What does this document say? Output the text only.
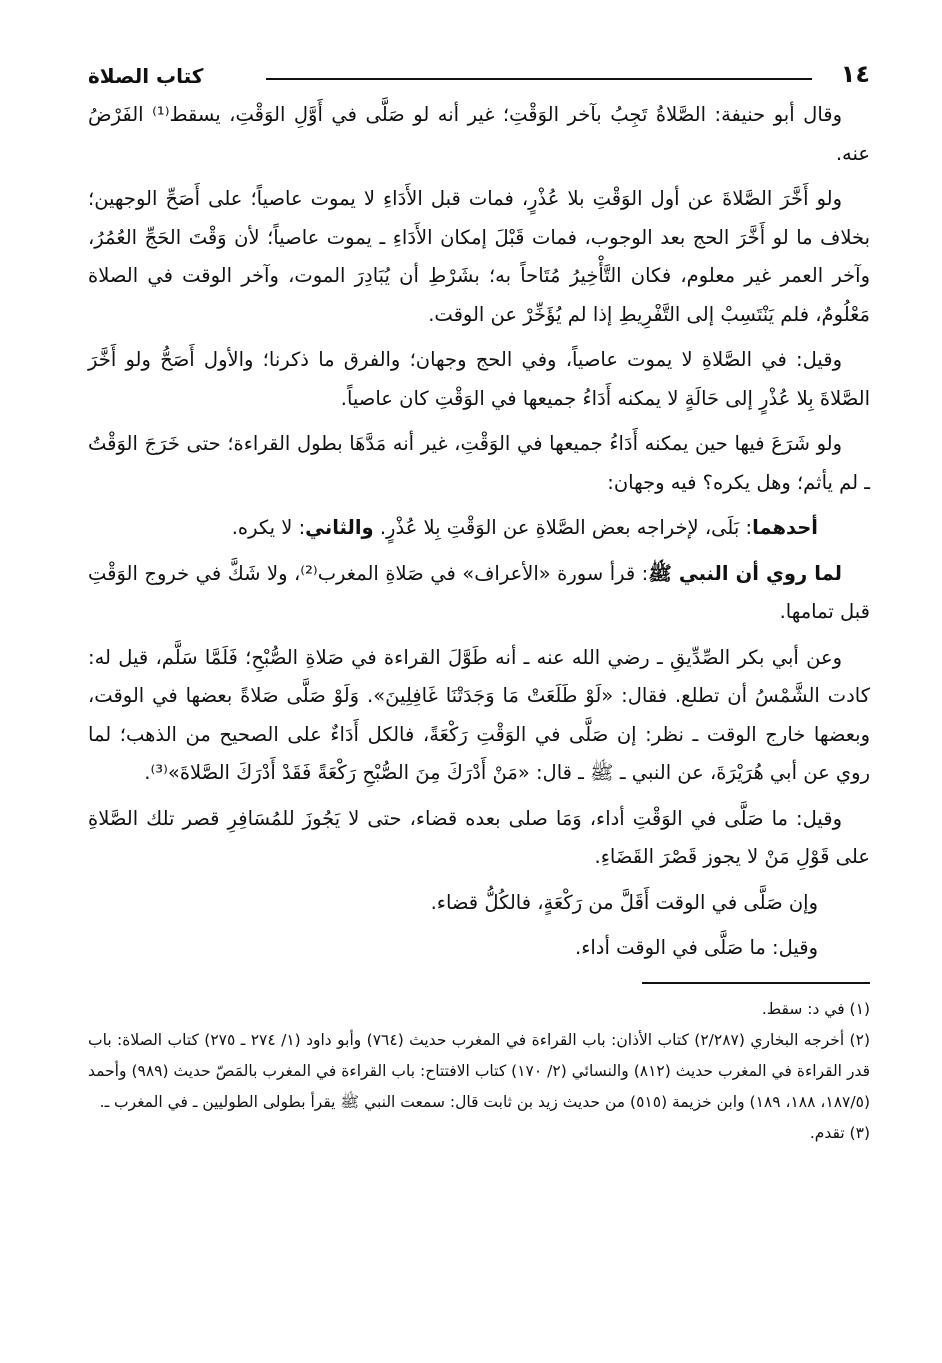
١٤
كتاب الصلاة

وقال أبو حنيفة: الصَّلاةُ تَجِبُ بآخر الوَقْتِ؛ غير أنه لو صَلَّى في أَوَّلِ الوَقْتِ، يسقط⁽¹⁾ الفَرْضُ عنه.

ولو أَخَّرَ الصَّلاةَ عن أول الوَقْتِ بلا عُذْرٍ، فمات قبل الأَدَاءِ لا يموت عاصياً؛ على أَصَحِّ الوجهين؛ بخلاف ما لو أَخَّرَ الحج بعد الوجوب، فمات قَبْلَ إمكان الأَدَاءِ ـ يموت عاصياً؛ لأن وَقْتَ الحَجِّ العُمُرُ، وآخر العمر غير معلوم، فكان التَّأْخِيرُ مُتَاحاً به؛ بشَرْطِ أن يُبَادِرَ الموت، وآخر الوقت في الصلاة مَعْلُومٌ، فلم يَنْتَسِبْ إلى التَّفْرِيطِ إذا لم يُؤَخِّرْ عن الوقت.

وقيل: في الصَّلاةِ لا يموت عاصياً، وفي الحج وجهان؛ والفرق ما ذكرنا؛ والأول أَصَحُّ ولو أَخَّرَ الصَّلاةَ بِلا عُذْرٍ إلى حَالَةٍ لا يمكنه أَدَاءُ جميعها في الوَقْتِ كان عاصياً.

ولو شَرَعَ فيها حين يمكنه أَدَاءُ جميعها في الوَقْتِ، غير أنه مَدَّهَا بطول القراءة؛ حتى خَرَجَ الوَقْتُ ـ لم يأثم؛ وهل يكره؟ فيه وجهان:

أحدهما: بَلَى، لإخراجه بعض الصَّلاةِ عن الوَقْتِ بِلا عُذْرٍ. والثاني: لا يكره.

لما روي أن النبي ﷺ: قرأ سورة «الأعراف» في صَلاةِ المغرب⁽²⁾، ولا شَكَّ في خروج الوَقْتِ قبل تمامها.

وعن أبي بكر الصِّدِّيقِ ـ رضي الله عنه ـ أنه طَوَّلَ القراءة في صَلاةِ الصُّبْحِ؛ فَلَمَّا سَلَّم، قيل له: كادت الشَّمْسُ أن تطلع. فقال: «لَوْ طَلَعَتْ مَا وَجَدَتْنَا غَافِلِينَ». وَلَوْ صَلَّى صَلاةً بعضها في الوقت، وبعضها خارج الوقت ـ نظر: إن صَلَّى في الوَقْتِ رَكْعَةً، فالكل أَدَاءٌ على الصحيح من الذهب؛ لما روي عن أبي هُرَيْرَةَ، عن النبي ـ ﷺ ـ قال: «مَنْ أَدْرَكَ مِنَ الصُّبْحِ رَكْعَةً فَقَدْ أَدْرَكَ الصَّلاةَ»⁽³⁾.

وقيل: ما صَلَّى في الوَقْتِ أداء، وَمَا صلى بعده قضاء، حتى لا يَجُوزَ للمُسَافِرِ قصر تلك الصَّلاةِ على قَوْلِ مَنْ لا يجوز قَصْرَ القَضَاءِ.

وإن صَلَّى في الوقت أَقَلَّ من رَكْعَةٍ، فالكُلُّ قضاء.

وقيل: ما صَلَّى في الوقت أداء.

(١) في د: سقط.

(٢) أخرجه البخاري (٢/٢٨٧) كتاب الأذان: باب القراءة في المغرب حديث (٧٦٤) وأبو داود (١/ ٢٧٤ ـ ٢٧٥) كتاب الصلاة: باب قدر القراءة في المغرب حديث (٨١٢) والنسائي (٢/ ١٧٠) كتاب الافتتاح: باب القراءة في المغرب بالمَصّ حديث (٩٨٩) وأحمد (١٨٧/٥، ١٨٨، ١٨٩) وابن خزيمة (٥١٥) من حديث زيد بن ثابت قال: سمعت النبي ﷺ يقرأ بطولى الطوليين ـ في المغرب ـ.

(٣) تقدم.
